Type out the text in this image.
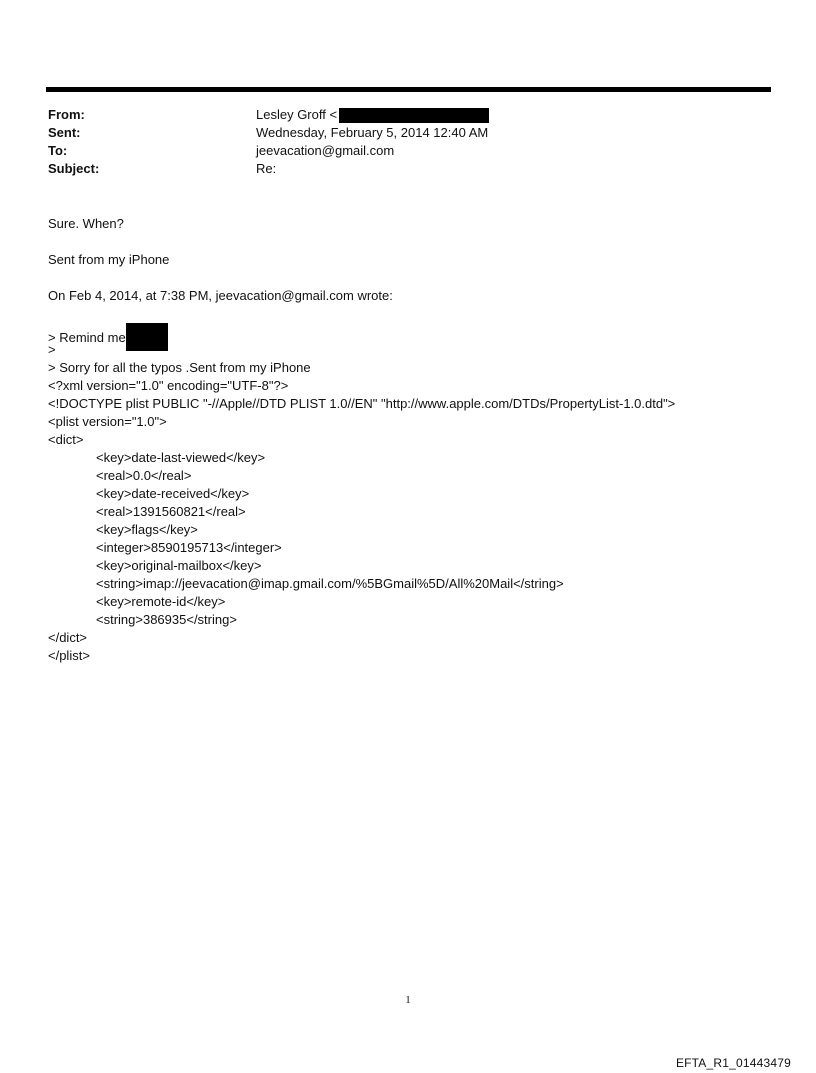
From:	Lesley Groff <
Sent:	Wednesday, February 5, 2014 12:40 AM
To:	jeevacation@gmail.com
Subject:	Re:
Sure. When?
Sent from my iPhone
On Feb 4, 2014, at 7:38 PM, jeevacation@gmail.com wrote:
> Remind me
>
> Sorry for all the typos .Sent from my iPhone
<?xml version="1.0" encoding="UTF-8"?>
<!DOCTYPE plist PUBLIC "-//Apple//DTD PLIST 1.0//EN" "http://www.apple.com/DTDs/PropertyList-1.0.dtd">
<plist version="1.0">
<dict>
<key>date-last-viewed</key>
<real>0.0</real>
<key>date-received</key>
<real>1391560821</real>
<key>flags</key>
<integer>8590195713</integer>
<key>original-mailbox</key>
<string>imap://jeevacation@imap.gmail.com/%5BGmail%5D/All%20Mail</string>
<key>remote-id</key>
<string>386935</string>
</dict>
</plist>
1
EFTA_R1_01443479
